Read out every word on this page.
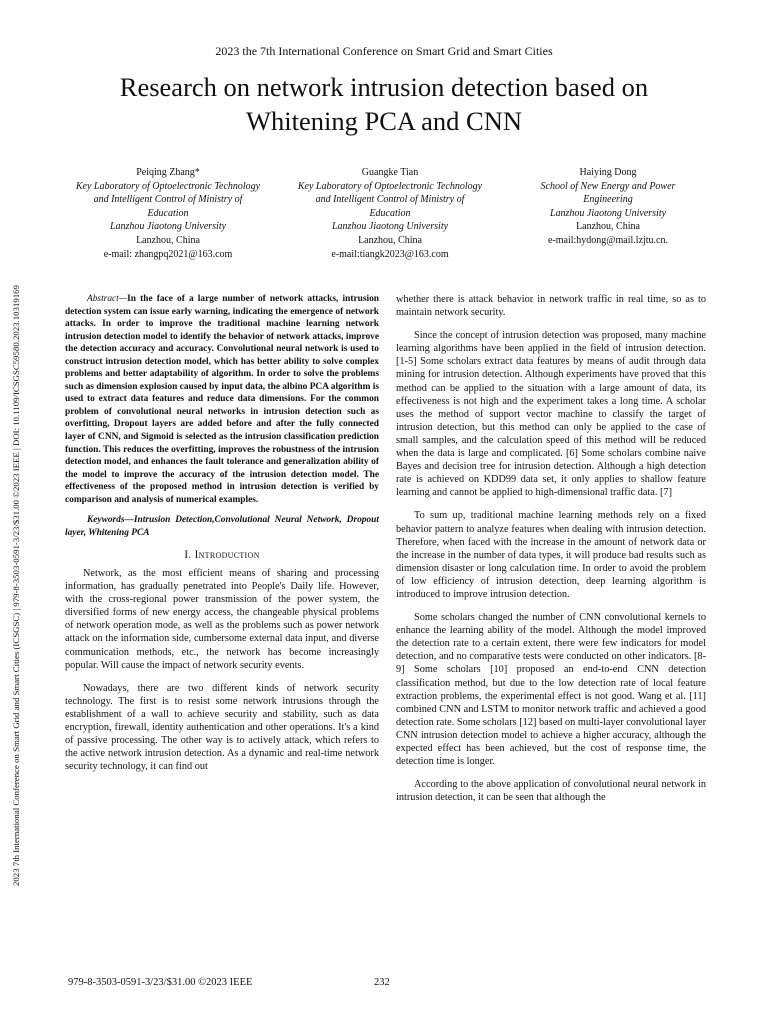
2023 the 7th International Conference on Smart Grid and Smart Cities
Research on network intrusion detection based on
Whitening PCA and CNN
2023 7th International Conference on Smart Grid and Smart Cities (ICSGSC) | 979-8-3503-0591-3/23/$31.00 ©2023 IEEE | DOI: 10.1109/ICSGSC59580.2023.10319169
Peiqing Zhang*
Key Laboratory of Optoelectronic Technology and Intelligent Control of Ministry of Education
Lanzhou Jiaotong University
Lanzhou, China
e-mail: zhangpq2021@163.com
Guangke Tian
Key Laboratory of Optoelectronic Technology and Intelligent Control of Ministry of Education
Lanzhou Jiaotong University
Lanzhou, China
e-mail:tiangk2023@163.com
Haiying Dong
School of New Energy and Power Engineering
Lanzhou Jiaotong University
Lanzhou, China
e-mail:hydong@mail.lzjtu.cn.

Abstract—In the face of a large number of network attacks, intrusion detection system can issue early warning, indicating the emergence of network attacks. In order to improve the traditional machine learning network intrusion detection model to identify the behavior of network attacks, improve the detection accuracy and accuracy. Convolutional neural network is used to construct intrusion detection model, which has better ability to solve complex problems and better adaptability of algorithm. In order to solve the problems such as dimension explosion caused by input data, the albino PCA algorithm is used to extract data features and reduce data dimensions. For the common problem of convolutional neural networks in intrusion detection such as overfitting, Dropout layers are added before and after the fully connected layer of CNN, and Sigmoid is selected as the intrusion classification prediction function. This reduces the overfitting, improves the robustness of the intrusion detection model, and enhances the fault tolerance and generalization ability of the model to improve the accuracy of the intrusion detection model. The effectiveness of the proposed method in intrusion detection is verified by comparison and analysis of numerical examples.

Keywords—Intrusion Detection,Convolutional Neural Network, Dropout layer, Whitening PCA

I. Introduction

Network, as the most efficient means of sharing and processing information, has gradually penetrated into People's Daily life. However, with the cross-regional power transmission of the power system, the diversified forms of new energy access, the changeable physical problems of network operation mode, as well as the problems such as power network attack on the information side, cumbersome external data input, and diverse communication methods, etc., the network has become increasingly popular. Will cause the impact of network security events.

Nowadays, there are two different kinds of network security technology. The first is to resist some network intrusions through the establishment of a wall to achieve security and stability, such as data encryption, firewall, identity authentication and other operations. It's a kind of passive processing. The other way is to actively attack, which refers to the active network intrusion detection. As a dynamic and real-time network security technology, it can find out

whether there is attack behavior in network traffic in real time, so as to maintain network security.

Since the concept of intrusion detection was proposed, many machine learning algorithms have been applied in the field of intrusion detection. [1-5] Some scholars extract data features by means of audit through data mining for intrusion detection. Although experiments have proved that this method can be applied to the situation with a large amount of data, its effectiveness is not high and the experiment takes a long time. A scholar uses the method of support vector machine to classify the target of intrusion detection, but this method can only be applied to the case of small samples, and the calculation speed of this method will be reduced when the data is large and complicated. [6] Some scholars combine naive Bayes and decision tree for intrusion detection. Although a high detection rate is achieved on KDD99 data set, it only applies to shallow feature learning and cannot be applied to high-dimensional traffic data. [7]

To sum up, traditional machine learning methods rely on a fixed behavior pattern to analyze features when dealing with intrusion detection. Therefore, when faced with the increase in the amount of network data or the increase in the number of data types, it will produce bad results such as dimension disaster or long calculation time. In order to avoid the problem of low efficiency of intrusion detection, deep learning algorithm is introduced to improve intrusion detection.

Some scholars changed the number of CNN convolutional kernels to enhance the learning ability of the model. Although the model improved the detection rate to a certain extent, there were few indicators for model detection, and no comparative tests were conducted on other indicators. [8-9] Some scholars [10] proposed an end-to-end CNN detection classification method, but due to the low detection rate of local feature extraction problems, the experimental effect is not good. Wang et al. [11] combined CNN and LSTM to monitor network traffic and achieved a good detection rate. Some scholars [12] based on multi-layer convolutional layer CNN intrusion detection model to achieve a higher accuracy, although the expected effect has been achieved, but the cost of response time, the detection time is longer.

According to the above application of convolutional neural network in intrusion detection, it can be seen that although the

979-8-3503-0591-3/23/$31.00 ©2023 IEEE	232
